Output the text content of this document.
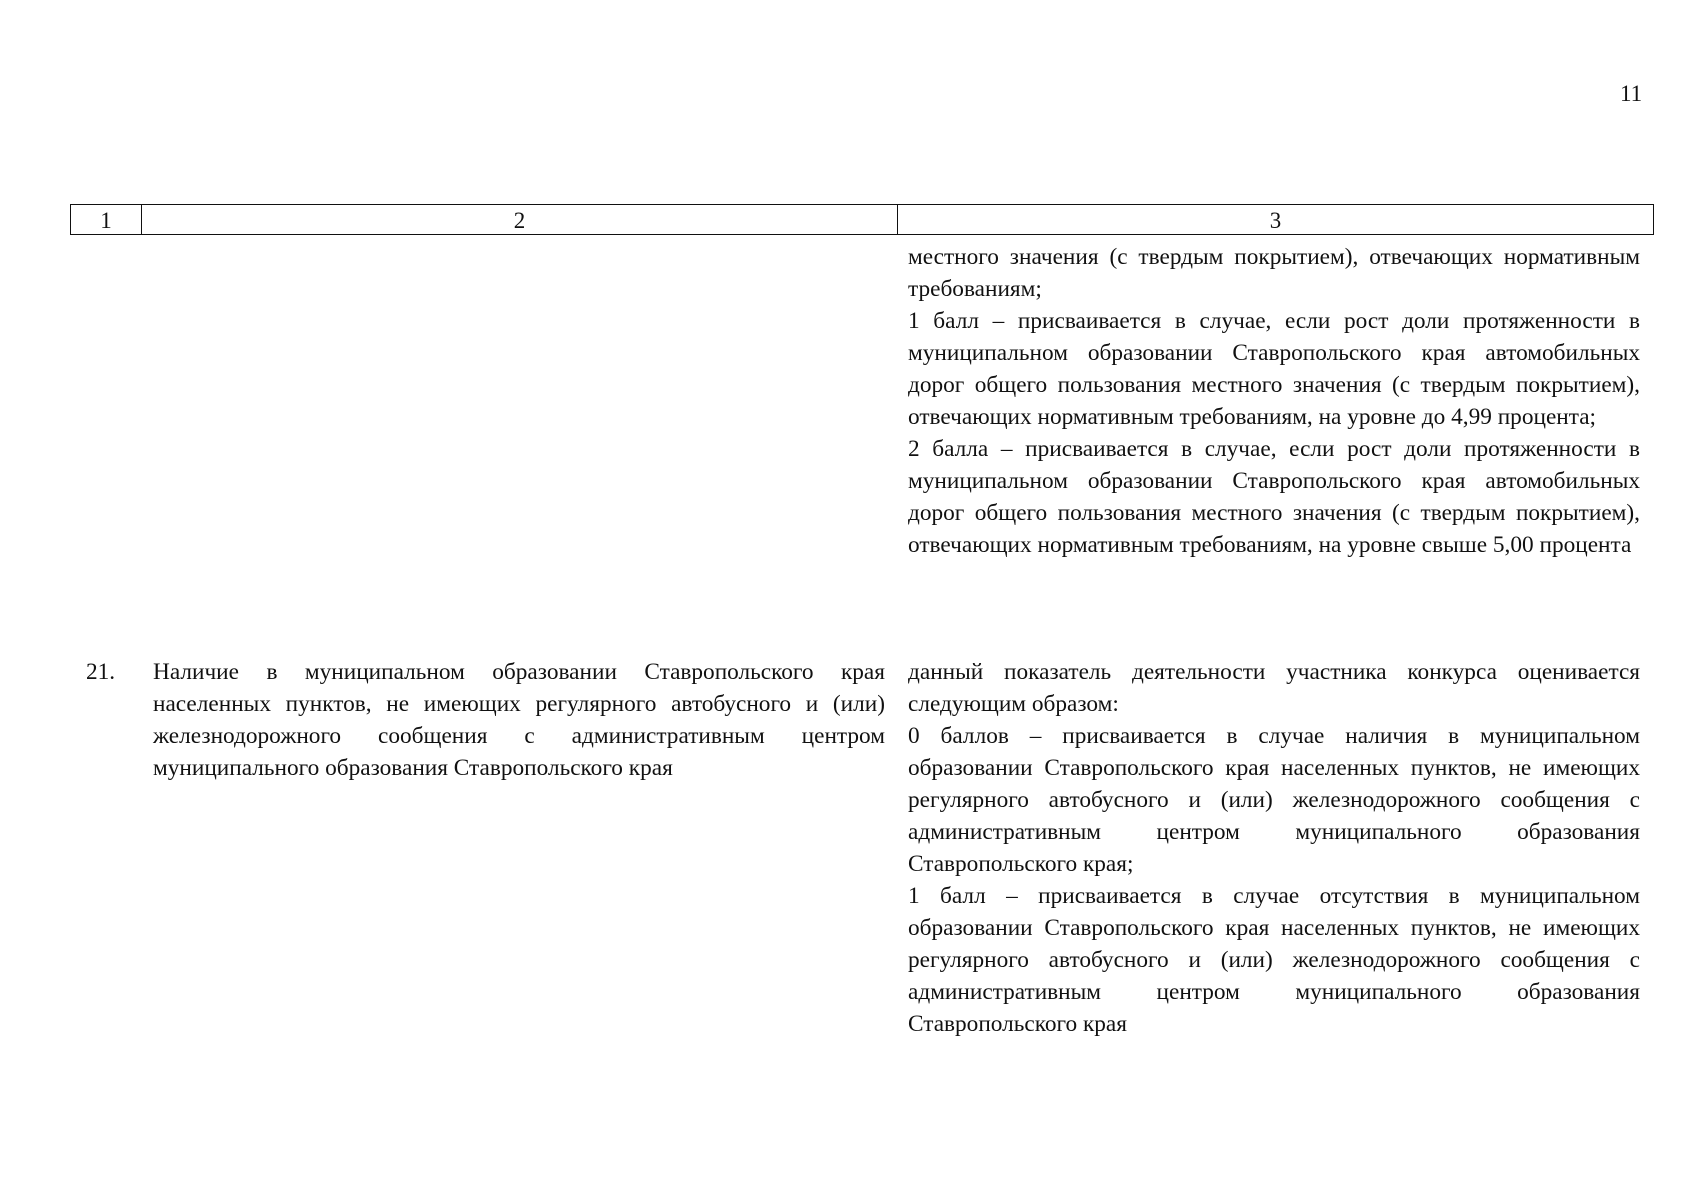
11
1	2	3

местного значения (с твердым покрытием), отвечающих нормативным требованиям;

1 балл – присваивается в случае, если рост доли протяженности в муниципальном образовании Ставропольского края автомобильных дорог общего пользования местного значения (с твердым покрытием), отвечающих нормативным требованиям, на уровне до 4,99 процента;

2 балла – присваивается в случае, если рост доли протяженности в муниципальном образовании Ставропольского края автомобильных дорог общего пользования местного значения (с твердым покрытием), отвечающих нормативным требованиям, на уровне свыше 5,00 процента

21. Наличие в муниципальном образовании Ставропольского края населенных пунктов, не имеющих регулярного автобусного и (или) железнодорожного сообщения с административным центром муниципального образования Ставропольского края

данный показатель деятельности участника конкурса оценивается следующим образом:

0 баллов – присваивается в случае наличия в муниципальном образовании Ставропольского края населенных пунктов, не имеющих регулярного автобусного и (или) железнодорожного сообщения с административным центром муниципального образования Ставропольского края;

1 балл – присваивается в случае отсутствия в муниципальном образовании Ставропольского края населенных пунктов, не имеющих регулярного автобусного и (или) железнодорожного сообщения с административным центром муниципального образования Ставропольского края
